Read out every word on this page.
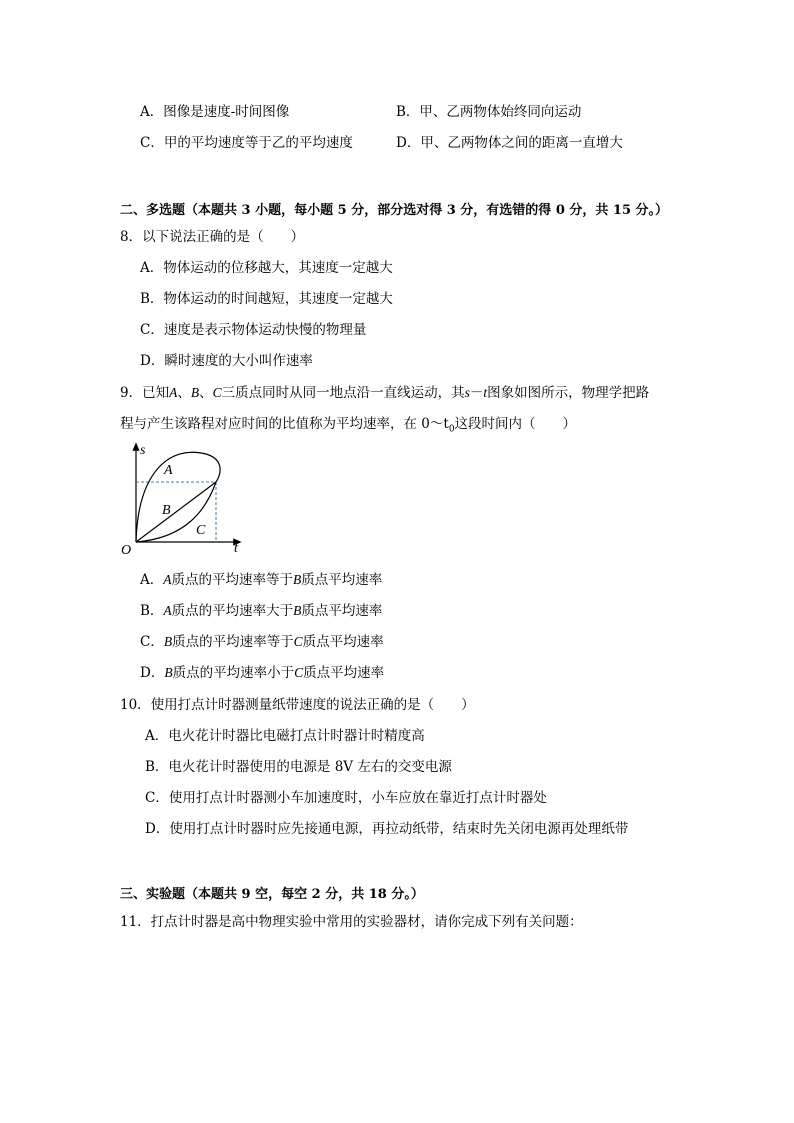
A．图像是速度-时间图像	B．甲、乙两物体始终同向运动
C．甲的平均速度等于乙的平均速度	D．甲、乙两物体之间的距离一直增大
二、多选题（本题共 3 小题，每小题 5 分，部分选对得 3 分，有选错的得 0 分，共 15 分。）
8．以下说法正确的是（　　）
A．物体运动的位移越大，其速度一定越大
B．物体运动的时间越短，其速度一定越大
C．速度是表示物体运动快慢的物理量
D．瞬时速度的大小叫作速率
9．已知A、B、C三质点同时从同一地点沿一直线运动，其s－t图象如图所示，物理学把路
程与产生该路程对应时间的比值称为平均速率，在 $0\sim t_0$这段时间内（　　）
s
t
O
A
B
C
A．A质点的平均速率等于B质点平均速率
B．A质点的平均速率大于B质点平均速率
C．B质点的平均速率等于C质点平均速率
D．B质点的平均速率小于C质点平均速率
10．使用打点计时器测量纸带速度的说法正确的是（　　）
A．电火花计时器比电磁打点计时器计时精度高
B．电火花计时器使用的电源是 8V 左右的交变电源
C．使用打点计时器测小车加速度时，小车应放在靠近打点计时器处
D．使用打点计时器时应先接通电源，再拉动纸带，结束时先关闭电源再处理纸带
三、实验题（本题共 9 空，每空 2 分，共 18 分。）
11．打点计时器是高中物理实验中常用的实验器材，请你完成下列有关问题：
